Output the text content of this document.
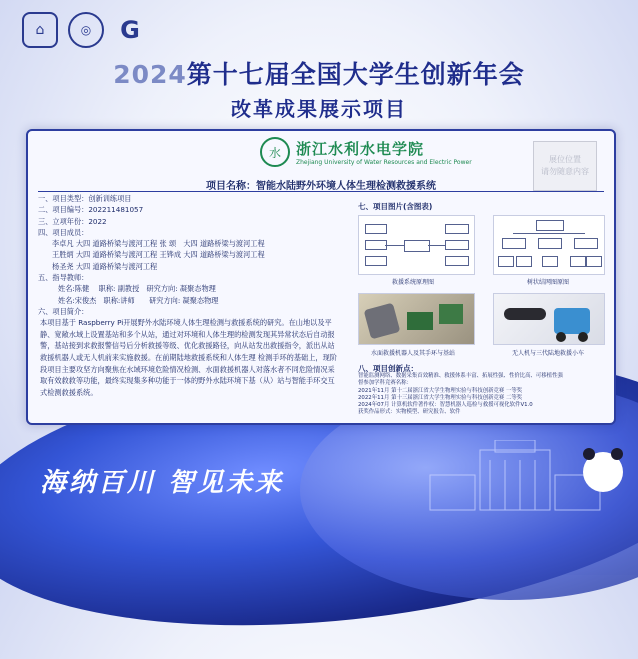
⌂	◎	G
2024第十七届全国大学生创新年会
改革成果展示项目
水	浙江水利水电学院
Zhejiang University of Water Resources and Electric Power	展位位置
请勿随意内容
项目名称：智能水陆野外环境人体生理检测救援系统
一、项目类型：创新训练项目
二、项目编号：202211481057
三、立项年份：2022
四、项目成员：
李卓凡 大四 道路桥梁与渡河工程 张 颂　大四 道路桥梁与渡河工程
王胜炳 大四 道路桥梁与渡河工程 王铧成 大四 道路桥梁与渡河工程
杨圣尧 大四 道路桥梁与渡河工程
五、指导教师：
姓名:陈健　 职称: 副教授　研究方向: 凝聚态物理
姓名:宋俊杰　职称:讲师　　研究方向: 凝聚态物理
六、项目简介：
本项目基于 Raspberry Pi开展野外水陆环境人体生理检测与救援系统的研究。在山地以及平静、宽敞水域上设置基站和多个从站，通过对环境和人体生理的检测发现其异常状态后自动报警，基站接到求救报警信号后分析救援等级、优化救援路径，向从站发出救援指令，派出从站救援机器人或无人机前来实施救援。在前期陆地救援系统和人体生理 检测手环的基础上，现阶段项目主要攻坚方向聚焦在水域环境危险情况检测、水面救援机器人对落水者不同危险情况采取有效救救等功能，最终实现集多种功能于一体的野外水陆环境下基（从）站与智能手环交互式检测救援系统。
七、项目图片(含图表)
救援系统原理图	树状结网图原图
水面救援机器人及其手环与基站	无人机与三代陆地救援小车
八、项目创新点：
智能监测网络、数据采集首效精准、救援体系丰富、拓展性强、性价比高、可移植性强
督参加学科竞赛名称：
2021年11月 第十二届浙江省大学生物理实验与科技创新竞赛 一等奖
2022年11月 第十三届浙江省大学生物理实验与科技创新竞赛 二等奖
2024年07月 计算机软件著作权：智慧机器人巡检与救援可视化软件V1.0
获奖作品形式：实物模型、研究报告、软件
海纳百川 智见未来
